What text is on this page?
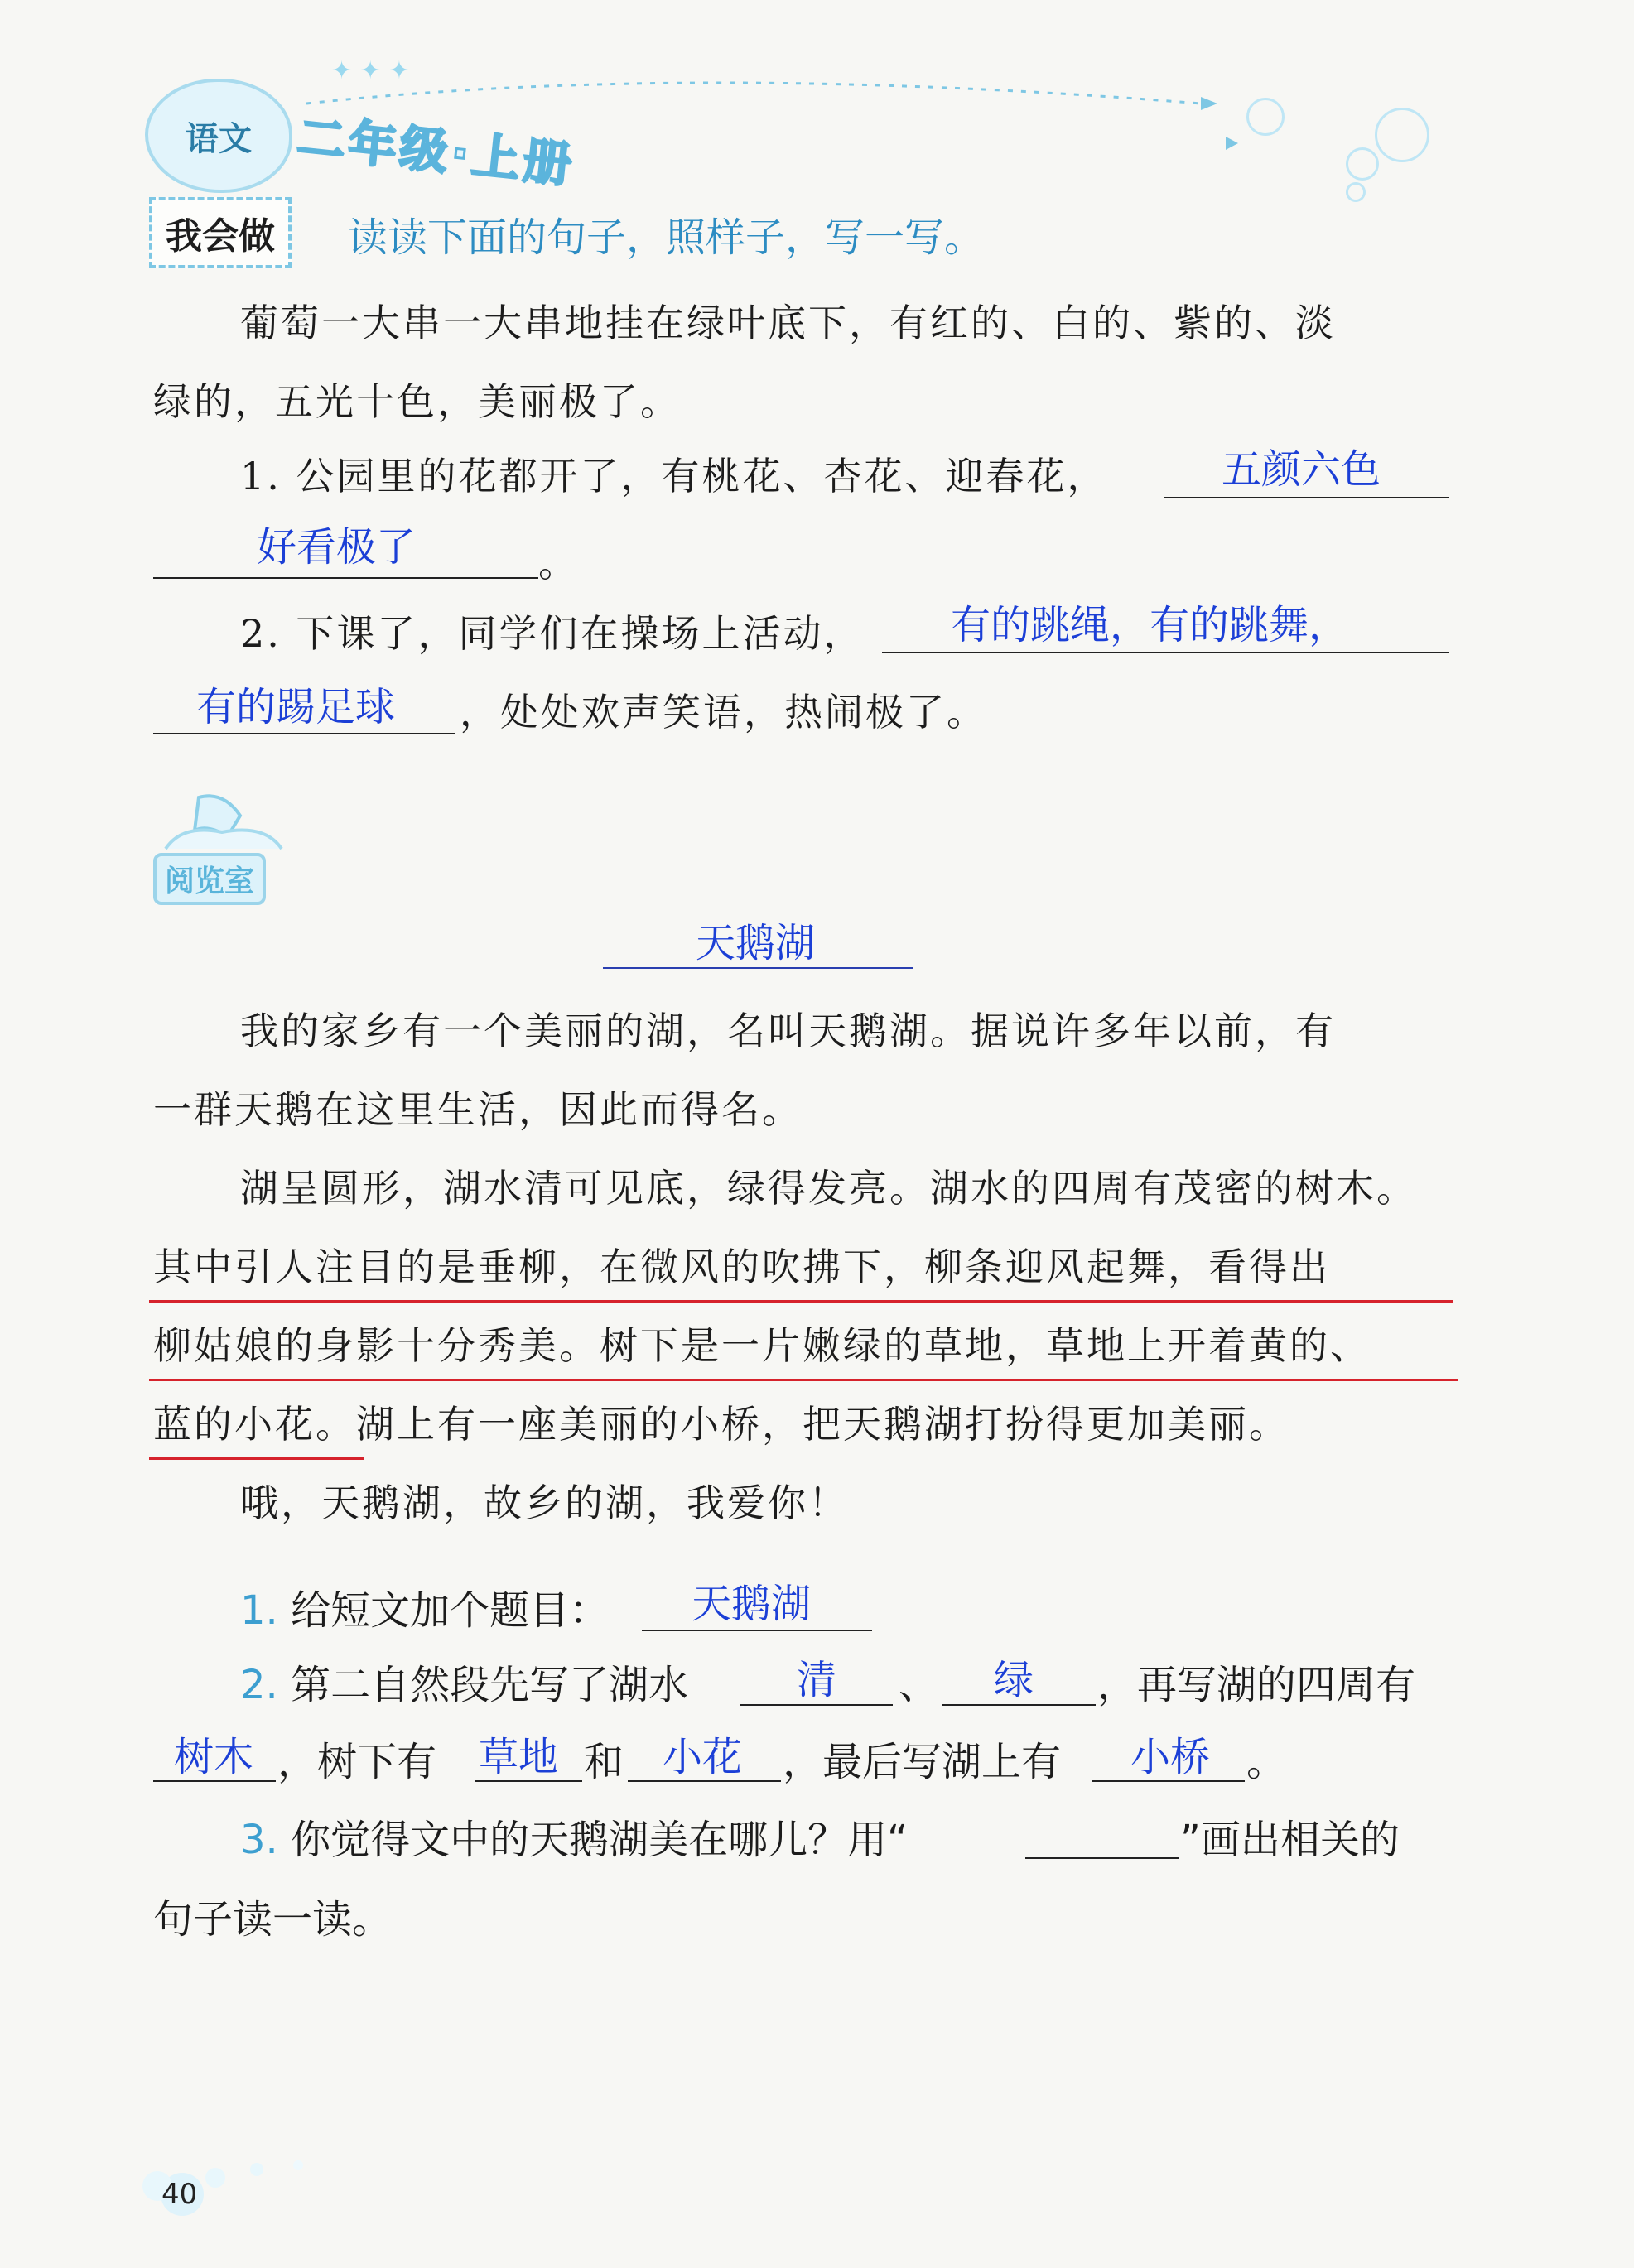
语文 二年级·上册
✦ ✦ ✦
我会做	读读下面的句子，照样子，写一写。
葡萄一大串一大串地挂在绿叶底下，有红的、白的、紫的、淡
绿的，五光十色，美丽极了。
1. 公园里的花都开了，有桃花、杏花、迎春花，	五颜六色
好看极了	。
2. 下课了，同学们在操场上活动， 有的跳绳，有的跳舞，
有的踢足球 ，处处欢声笑语，热闹极了。
阅览室
天鹅湖
我的家乡有一个美丽的湖，名叫天鹅湖。据说许多年以前，有
一群天鹅在这里生活，因此而得名。
湖呈圆形，湖水清可见底，绿得发亮。湖水的四周有茂密的树木。
其中引人注目的是垂柳，在微风的吹拂下，柳条迎风起舞，看得出
柳姑娘的身影十分秀美。树下是一片嫩绿的草地，草地上开着黄的、
蓝的小花。湖上有一座美丽的小桥，把天鹅湖打扮得更加美丽。
哦，天鹅湖，故乡的湖，我爱你！
1. 给短文加个题目： 天鹅湖
2. 第二自然段先写了湖水	清 、 绿 ，再写湖的四周有
树木 ，树下有 草地 和 小花 ，最后写湖上有 小桥 。
3. 你觉得文中的天鹅湖美在哪儿？用“	”画出相关的
句子读一读。
40
